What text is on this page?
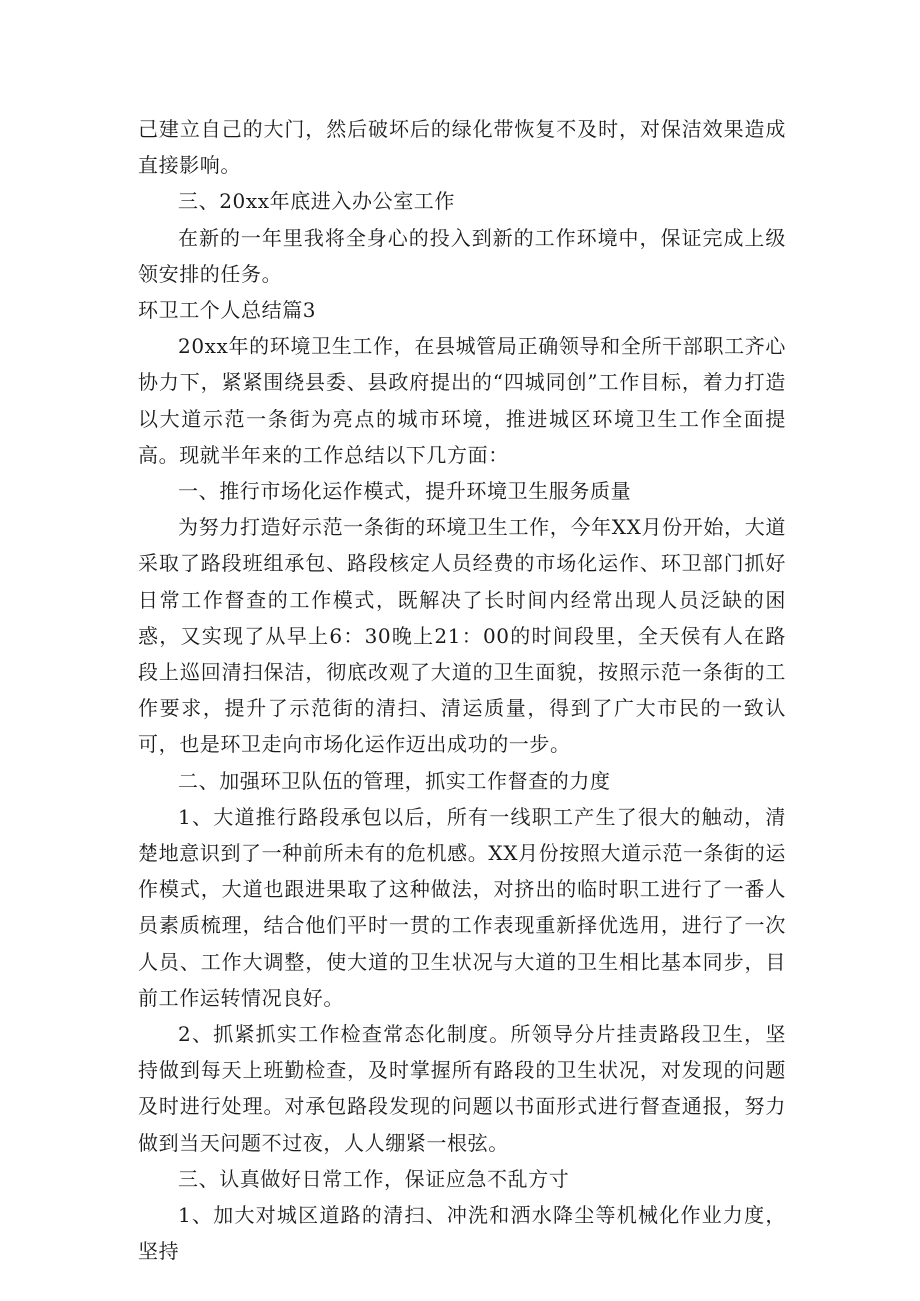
己建立自己的大门，然后破坏后的绿化带恢复不及时，对保洁效果造成直接影响。

三、20xx年底进入办公室工作

在新的一年里我将全身心的投入到新的工作环境中，保证完成上级领安排的任务。

环卫工个人总结篇3

20xx年的环境卫生工作，在县城管局正确领导和全所干部职工齐心协力下，紧紧围绕县委、县政府提出的“四城同创”工作目标，着力打造以大道示范一条街为亮点的城市环境，推进城区环境卫生工作全面提高。现就半年来的工作总结以下几方面：

一、推行市场化运作模式，提升环境卫生服务质量

为努力打造好示范一条街的环境卫生工作，今年XX月份开始，大道采取了路段班组承包、路段核定人员经费的市场化运作、环卫部门抓好日常工作督查的工作模式，既解决了长时间内经常出现人员泛缺的困惑，又实现了从早上6：30晚上21：00的时间段里，全天侯有人在路段上巡回清扫保洁，彻底改观了大道的卫生面貌，按照示范一条街的工作要求，提升了示范街的清扫、清运质量，得到了广大市民的一致认可，也是环卫走向市场化运作迈出成功的一步。

二、加强环卫队伍的管理，抓实工作督查的力度

1、大道推行路段承包以后，所有一线职工产生了很大的触动，清楚地意识到了一种前所未有的危机感。XX月份按照大道示范一条街的运作模式，大道也跟进果取了这种做法，对挤出的临时职工进行了一番人员素质梳理，结合他们平时一贯的工作表现重新择优选用，进行了一次人员、工作大调整，使大道的卫生状况与大道的卫生相比基本同步，目前工作运转情况良好。

2、抓紧抓实工作检查常态化制度。所领导分片挂责路段卫生，坚持做到每天上班勤检查，及时掌握所有路段的卫生状况，对发现的问题及时进行处理。对承包路段发现的问题以书面形式进行督查通报，努力做到当天问题不过夜，人人绷紧一根弦。

三、认真做好日常工作，保证应急不乱方寸

1、加大对城区道路的清扫、冲洗和洒水降尘等机械化作业力度，坚持
